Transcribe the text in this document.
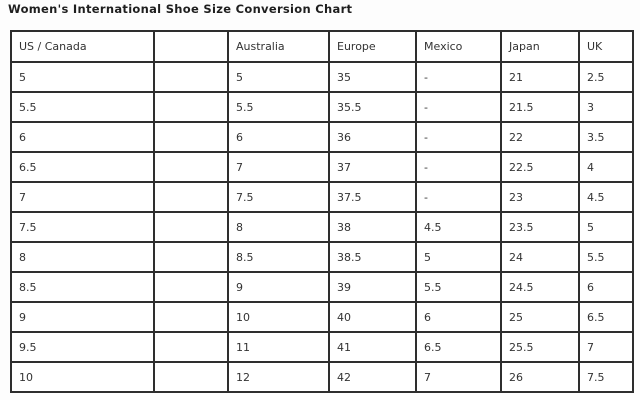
Women's International Shoe Size Conversion Chart
US / Canada		Australia	Europe	Mexico	Japan	UK
5		5	35	-	21	2.5
5.5		5.5	35.5	-	21.5	3
6		6	36	-	22	3.5
6.5		7	37	-	22.5	4
7		7.5	37.5	-	23	4.5
7.5		8	38	4.5	23.5	5
8		8.5	38.5	5	24	5.5
8.5		9	39	5.5	24.5	6
9		10	40	6	25	6.5
9.5		11	41	6.5	25.5	7
10		12	42	7	26	7.5
